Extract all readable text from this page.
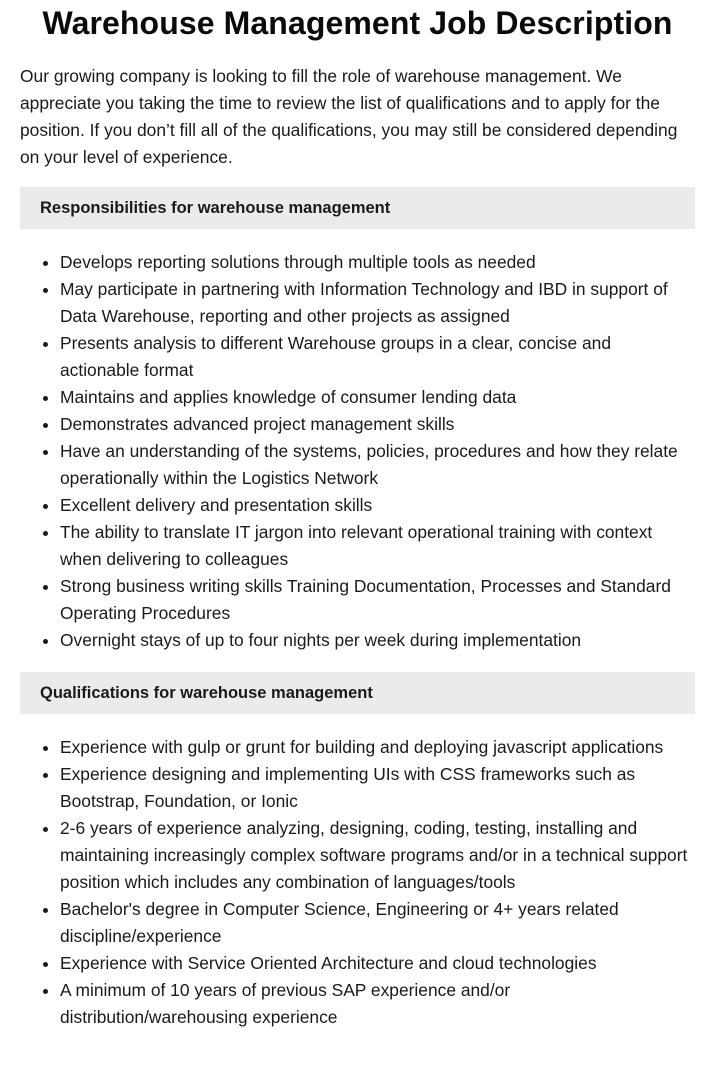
Warehouse Management Job Description

Our growing company is looking to fill the role of warehouse management. We appreciate you taking the time to review the list of qualifications and to apply for the position. If you don’t fill all of the qualifications, you may still be considered depending on your level of experience.

Responsibilities for warehouse management
• Develops reporting solutions through multiple tools as needed
• May participate in partnering with Information Technology and IBD in support of Data Warehouse, reporting and other projects as assigned
• Presents analysis to different Warehouse groups in a clear, concise and actionable format
• Maintains and applies knowledge of consumer lending data
• Demonstrates advanced project management skills
• Have an understanding of the systems, policies, procedures and how they relate operationally within the Logistics Network
• Excellent delivery and presentation skills
• The ability to translate IT jargon into relevant operational training with context when delivering to colleagues
• Strong business writing skills Training Documentation, Processes and Standard Operating Procedures
• Overnight stays of up to four nights per week during implementation
Qualifications for warehouse management
• Experience with gulp or grunt for building and deploying javascript applications
• Experience designing and implementing UIs with CSS frameworks such as Bootstrap, Foundation, or Ionic
• 2-6 years of experience analyzing, designing, coding, testing, installing and maintaining increasingly complex software programs and/or in a technical support position which includes any combination of languages/tools
• Bachelor's degree in Computer Science, Engineering or 4+ years related discipline/experience
• Experience with Service Oriented Architecture and cloud technologies
• A minimum of 10 years of previous SAP experience and/or distribution/warehousing experience
